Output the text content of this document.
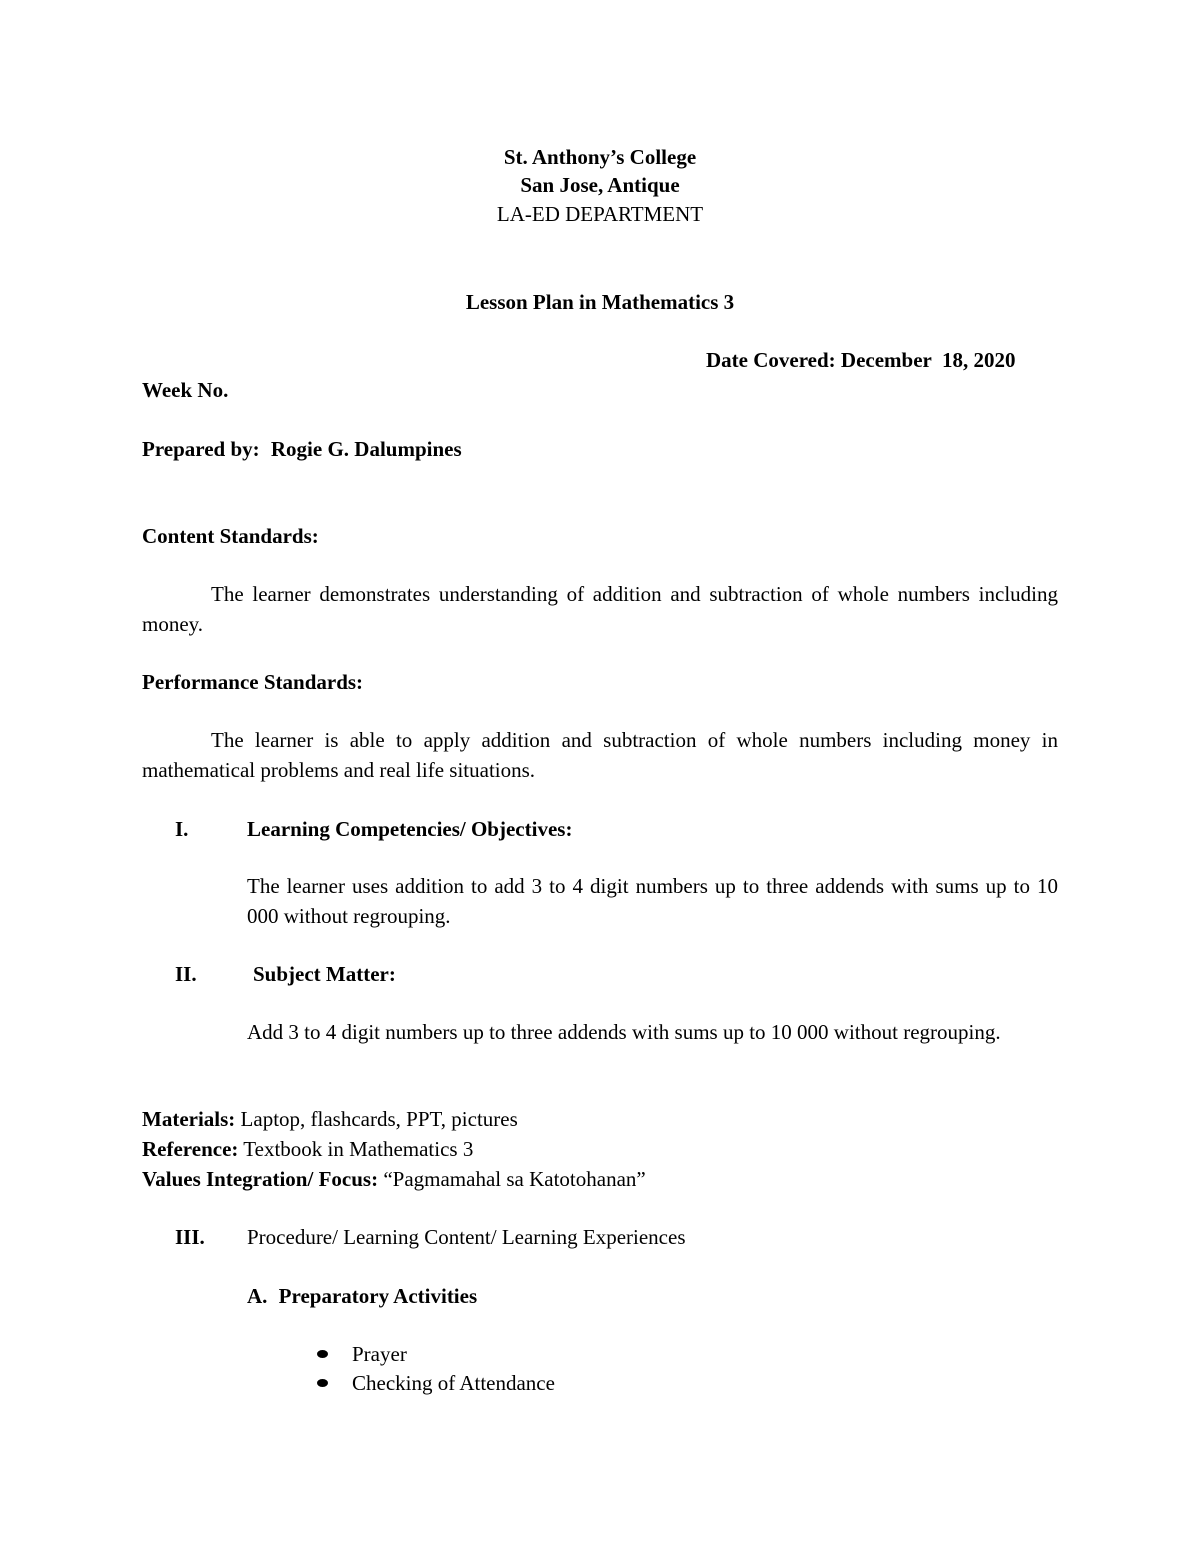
St. Anthony’s College
San Jose, Antique
LA-ED DEPARTMENT
Lesson Plan in Mathematics 3
Date Covered: December  18, 2020
Week No.
Prepared by: Rogie G. Dalumpines
Content Standards:
The learner demonstrates understanding of addition and subtraction of whole numbers including money.
Performance Standards:
The learner is able to apply addition and subtraction of whole numbers including money in mathematical problems and real life situations.
I.	Learning Competencies/ Objectives:
The learner uses addition to add 3 to 4 digit numbers up to three addends with sums up to 10 000 without regrouping.
II.	Subject Matter:
Add 3 to 4 digit numbers up to three addends with sums up to 10 000 without regrouping.
Materials: Laptop, flashcards, PPT, pictures
Reference: Textbook in Mathematics 3
Values Integration/ Focus: “Pagmamahal sa Katotohanan”
III. Procedure/ Learning Content/ Learning Experiences
A. Preparatory Activities
Prayer
Checking of Attendance
